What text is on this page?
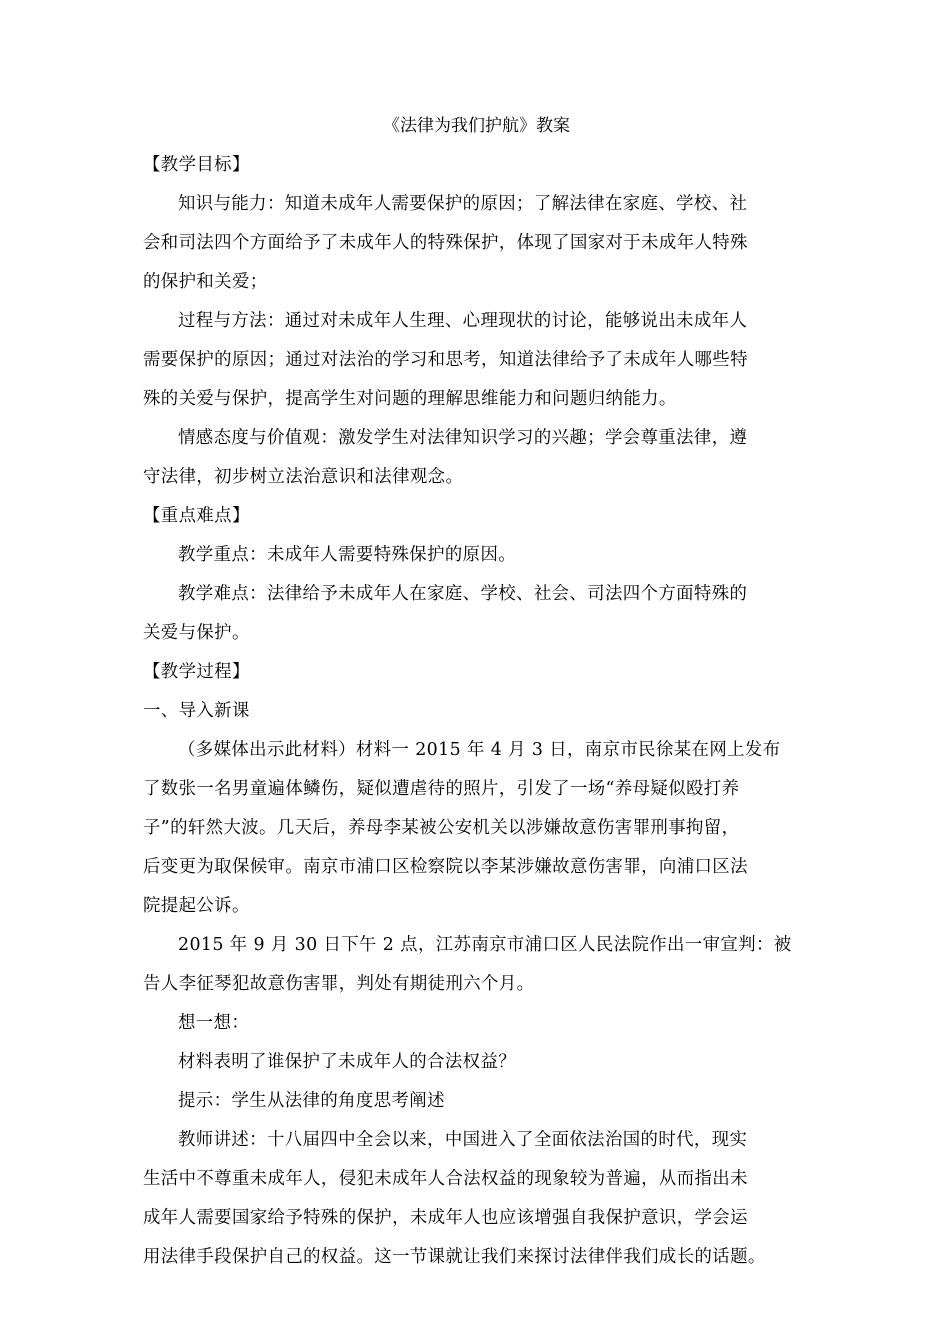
《法律为我们护航》教案
【教学目标】
知识与能力：知道未成年人需要保护的原因；了解法律在家庭、学校、社
会和司法四个方面给予了未成年人的特殊保护，体现了国家对于未成年人特殊
的保护和关爱；
过程与方法：通过对未成年人生理、心理现状的讨论，能够说出未成年人
需要保护的原因；通过对法治的学习和思考，知道法律给予了未成年人哪些特
殊的关爱与保护，提高学生对问题的理解思维能力和问题归纳能力。
情感态度与价值观：激发学生对法律知识学习的兴趣；学会尊重法律，遵
守法律，初步树立法治意识和法律观念。
【重点难点】
教学重点：未成年人需要特殊保护的原因。
教学难点：法律给予未成年人在家庭、学校、社会、司法四个方面特殊的
关爱与保护。
【教学过程】
一、导入新课
（多媒体出示此材料）材料一 2015 年 4 月 3 日，南京市民徐某在网上发布
了数张一名男童遍体鳞伤，疑似遭虐待的照片，引发了一场“养母疑似殴打养
子”的轩然大波。几天后，养母李某被公安机关以涉嫌故意伤害罪刑事拘留，
后变更为取保候审。南京市浦口区检察院以李某涉嫌故意伤害罪，向浦口区法
院提起公诉。
2015 年 9 月 30 日下午 2 点，江苏南京市浦口区人民法院作出一审宣判：被
告人李征琴犯故意伤害罪，判处有期徒刑六个月。
想一想：
材料表明了谁保护了未成年人的合法权益？
提示：学生从法律的角度思考阐述
教师讲述：十八届四中全会以来，中国进入了全面依法治国的时代，现实
生活中不尊重未成年人，侵犯未成年人合法权益的现象较为普遍，从而指出未
成年人需要国家给予特殊的保护，未成年人也应该增强自我保护意识，学会运
用法律手段保护自己的权益。这一节课就让我们来探讨法律伴我们成长的话题。
